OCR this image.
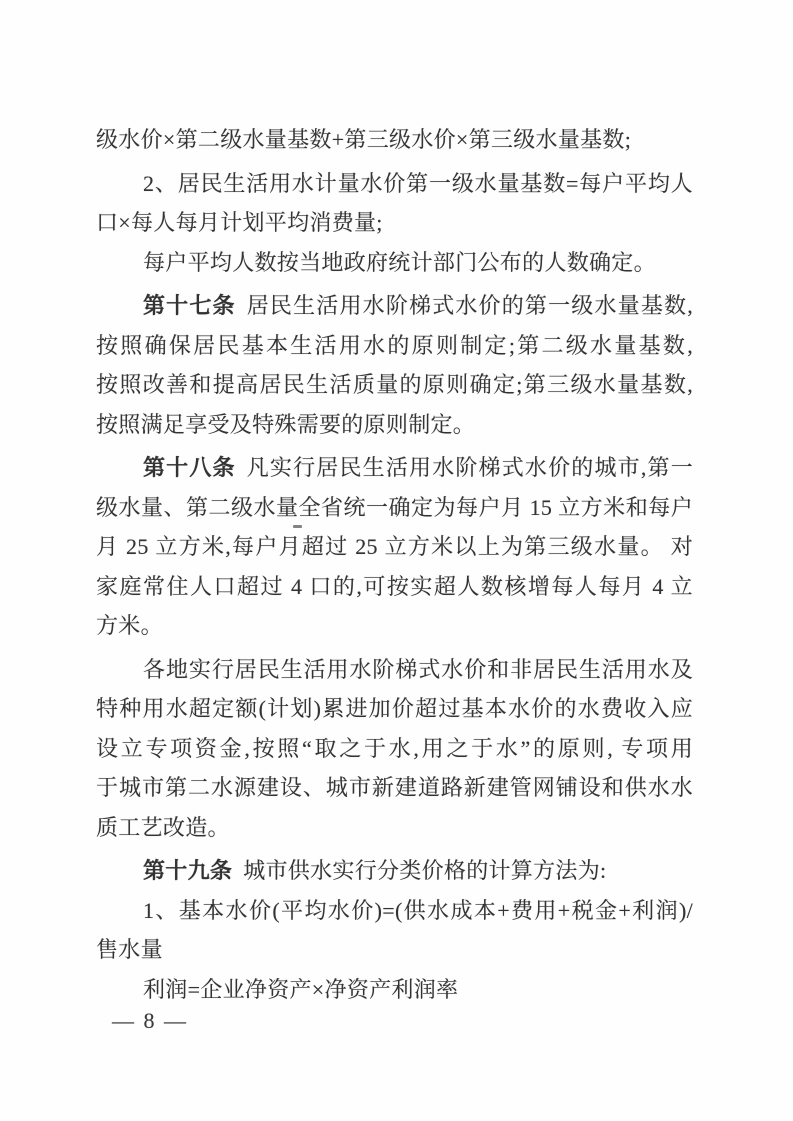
级水价×第二级水量基数+第三级水价×第三级水量基数;
2、居民生活用水计量水价第一级水量基数=每户平均人
口×每人每月计划平均消费量;
每户平均人数按当地政府统计部门公布的人数确定。
第十七条 居民生活用水阶梯式水价的第一级水量基数,
按照确保居民基本生活用水的原则制定;第二级水量基数,
按照改善和提高居民生活质量的原则确定;第三级水量基数,
按照满足享受及特殊需要的原则制定。
第十八条 凡实行居民生活用水阶梯式水价的城市,第一
级水量、第二级水量全省统一确定为每户月 15 立方米和每户
月 25 立方米,每户月超过 25 立方米以上为第三级水量。 对
家庭常住人口超过 4 口的,可按实超人数核增每人每月 4 立
方米。
各地实行居民生活用水阶梯式水价和非居民生活用水及
特种用水超定额(计划)累进加价超过基本水价的水费收入应
设立专项资金,按照“取之于水,用之于水”的原则, 专项用
于城市第二水源建设、城市新建道路新建管网铺设和供水水
质工艺改造。
第十九条 城市供水实行分类价格的计算方法为:
1、基本水价(平均水价)=(供水成本+费用+税金+利润)/
售水量
利润=企业净资产×净资产利润率
— 8 —
